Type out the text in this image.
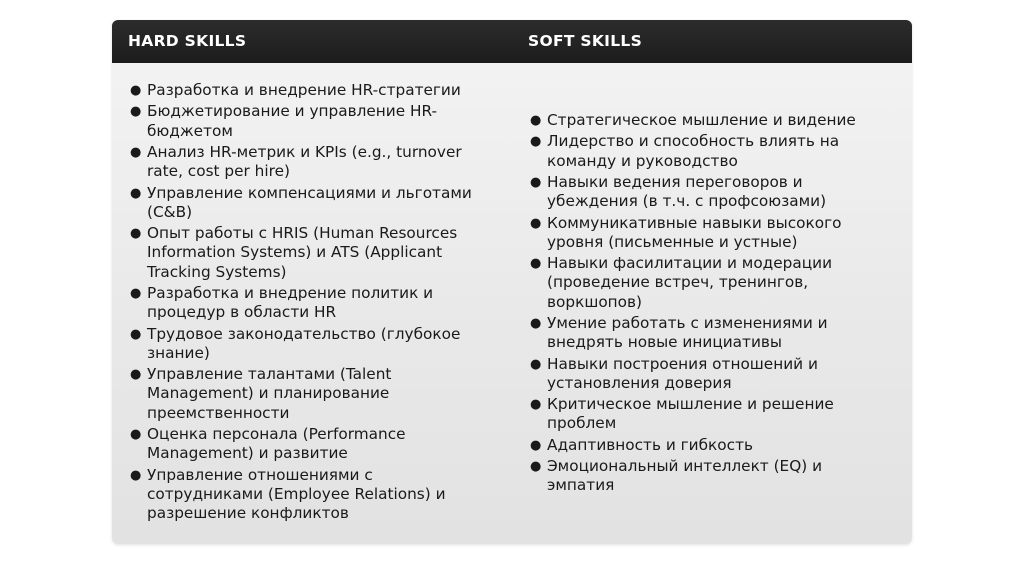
HARD SKILLS	SOFT SKILLS
● Разработка и внедрение HR-стратегии
● Бюджетирование и управление HR-бюджетом
● Анализ HR-метрик и KPIs (e.g., turnover rate, cost per hire)
● Управление компенсациями и льготами (C&B)
● Опыт работы с HRIS (Human Resources Information Systems) и ATS (Applicant Tracking Systems)
● Разработка и внедрение политик и процедур в области HR
● Трудовое законодательство (глубокое знание)
● Управление талантами (Talent Management) и планирование преемственности
● Оценка персонала (Performance Management) и развитие
● Управление отношениями с сотрудниками (Employee Relations) и разрешение конфликтов
● Стратегическое мышление и видение
● Лидерство и способность влиять на команду и руководство
● Навыки ведения переговоров и убеждения (в т.ч. с профсоюзами)
● Коммуникативные навыки высокого уровня (письменные и устные)
● Навыки фасилитации и модерации (проведение встреч, тренингов, воркшопов)
● Умение работать с изменениями и внедрять новые инициативы
● Навыки построения отношений и установления доверия
● Критическое мышление и решение проблем
● Адаптивность и гибкость
● Эмоциональный интеллект (EQ) и эмпатия
